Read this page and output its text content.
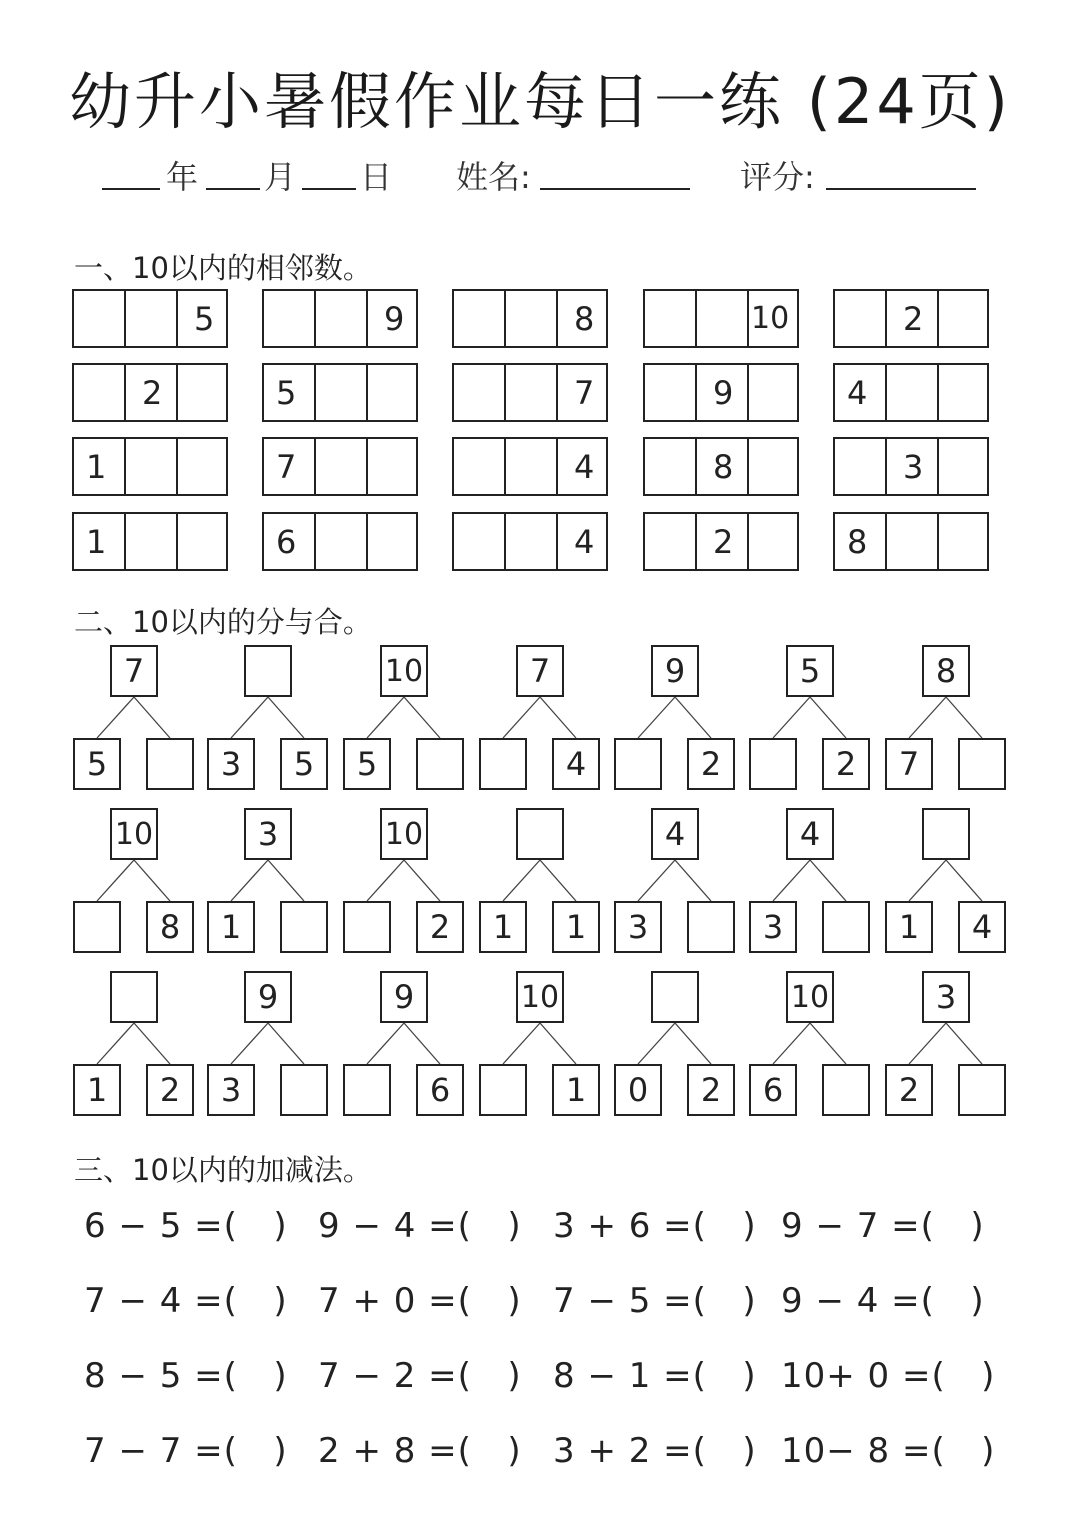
幼升小暑假作业每日一练 (24页)
年 月 日 姓名:	评分:
一、10以内的相邻数。
5	9	8	10	2
2	5	7	9	4
1	7	4	8	3
1	6	4	2	8
二、10以内的分与合。
7
5	3	5
10
5
7
4
9
2
5
2
8
7
10
8
3
1
10
2	1	1
4
3
4
3	1	4
1	2
9
3
9
6
10
1	0	2
10
6
3
2
三、10以内的加减法。
6 − 5 =(   ) 9 − 4 =(   ) 3 + 6 =(   ) 9 − 7 =(   )
7 − 4 =(   ) 7 + 0 =(   ) 7 − 5 =(   ) 9 − 4 =(   )
8 − 5 =(   ) 7 − 2 =(   ) 8 − 1 =(   ) 10+ 0 =(   )
7 − 7 =(   ) 2 + 8 =(   ) 3 + 2 =(   ) 10− 8 =(   )
